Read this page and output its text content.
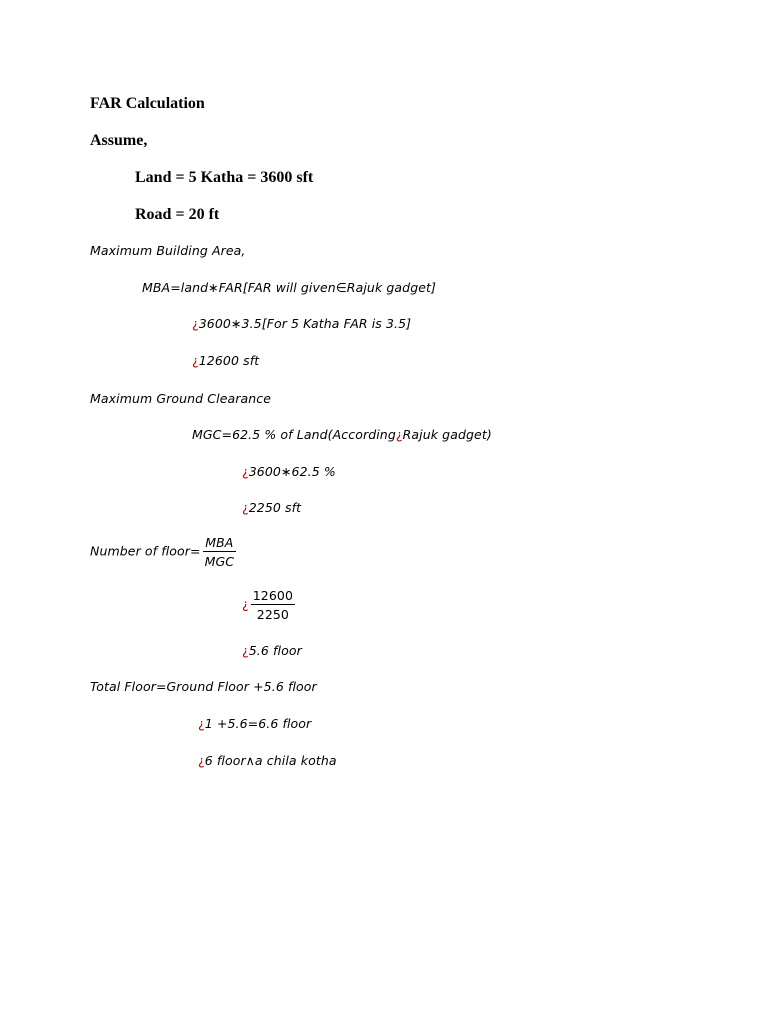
FAR Calculation
Assume,
Land = 5 Katha = 3600 sft
Road = 20 ft
Maximum Building Area,
MBA=land∗FAR[FAR will given∈Rajuk gadget]
¿3600∗3.5[For 5 Katha FAR is 3.5]
¿12600 sft
Maximum Ground Clearance
MGC=62.5 % of Land(According¿Rajuk gadget)
¿3600∗62.5 %
¿2250 sft
Number of floor= $\frac{\text{MBA}}{\text{MGC}}$
¿ $\frac{12600}{2250}$
¿5.6 floor
Total Floor=Ground Floor +5.6 floor
¿1 +5.6=6.6 floor
¿6 floor∧a chila kotha
